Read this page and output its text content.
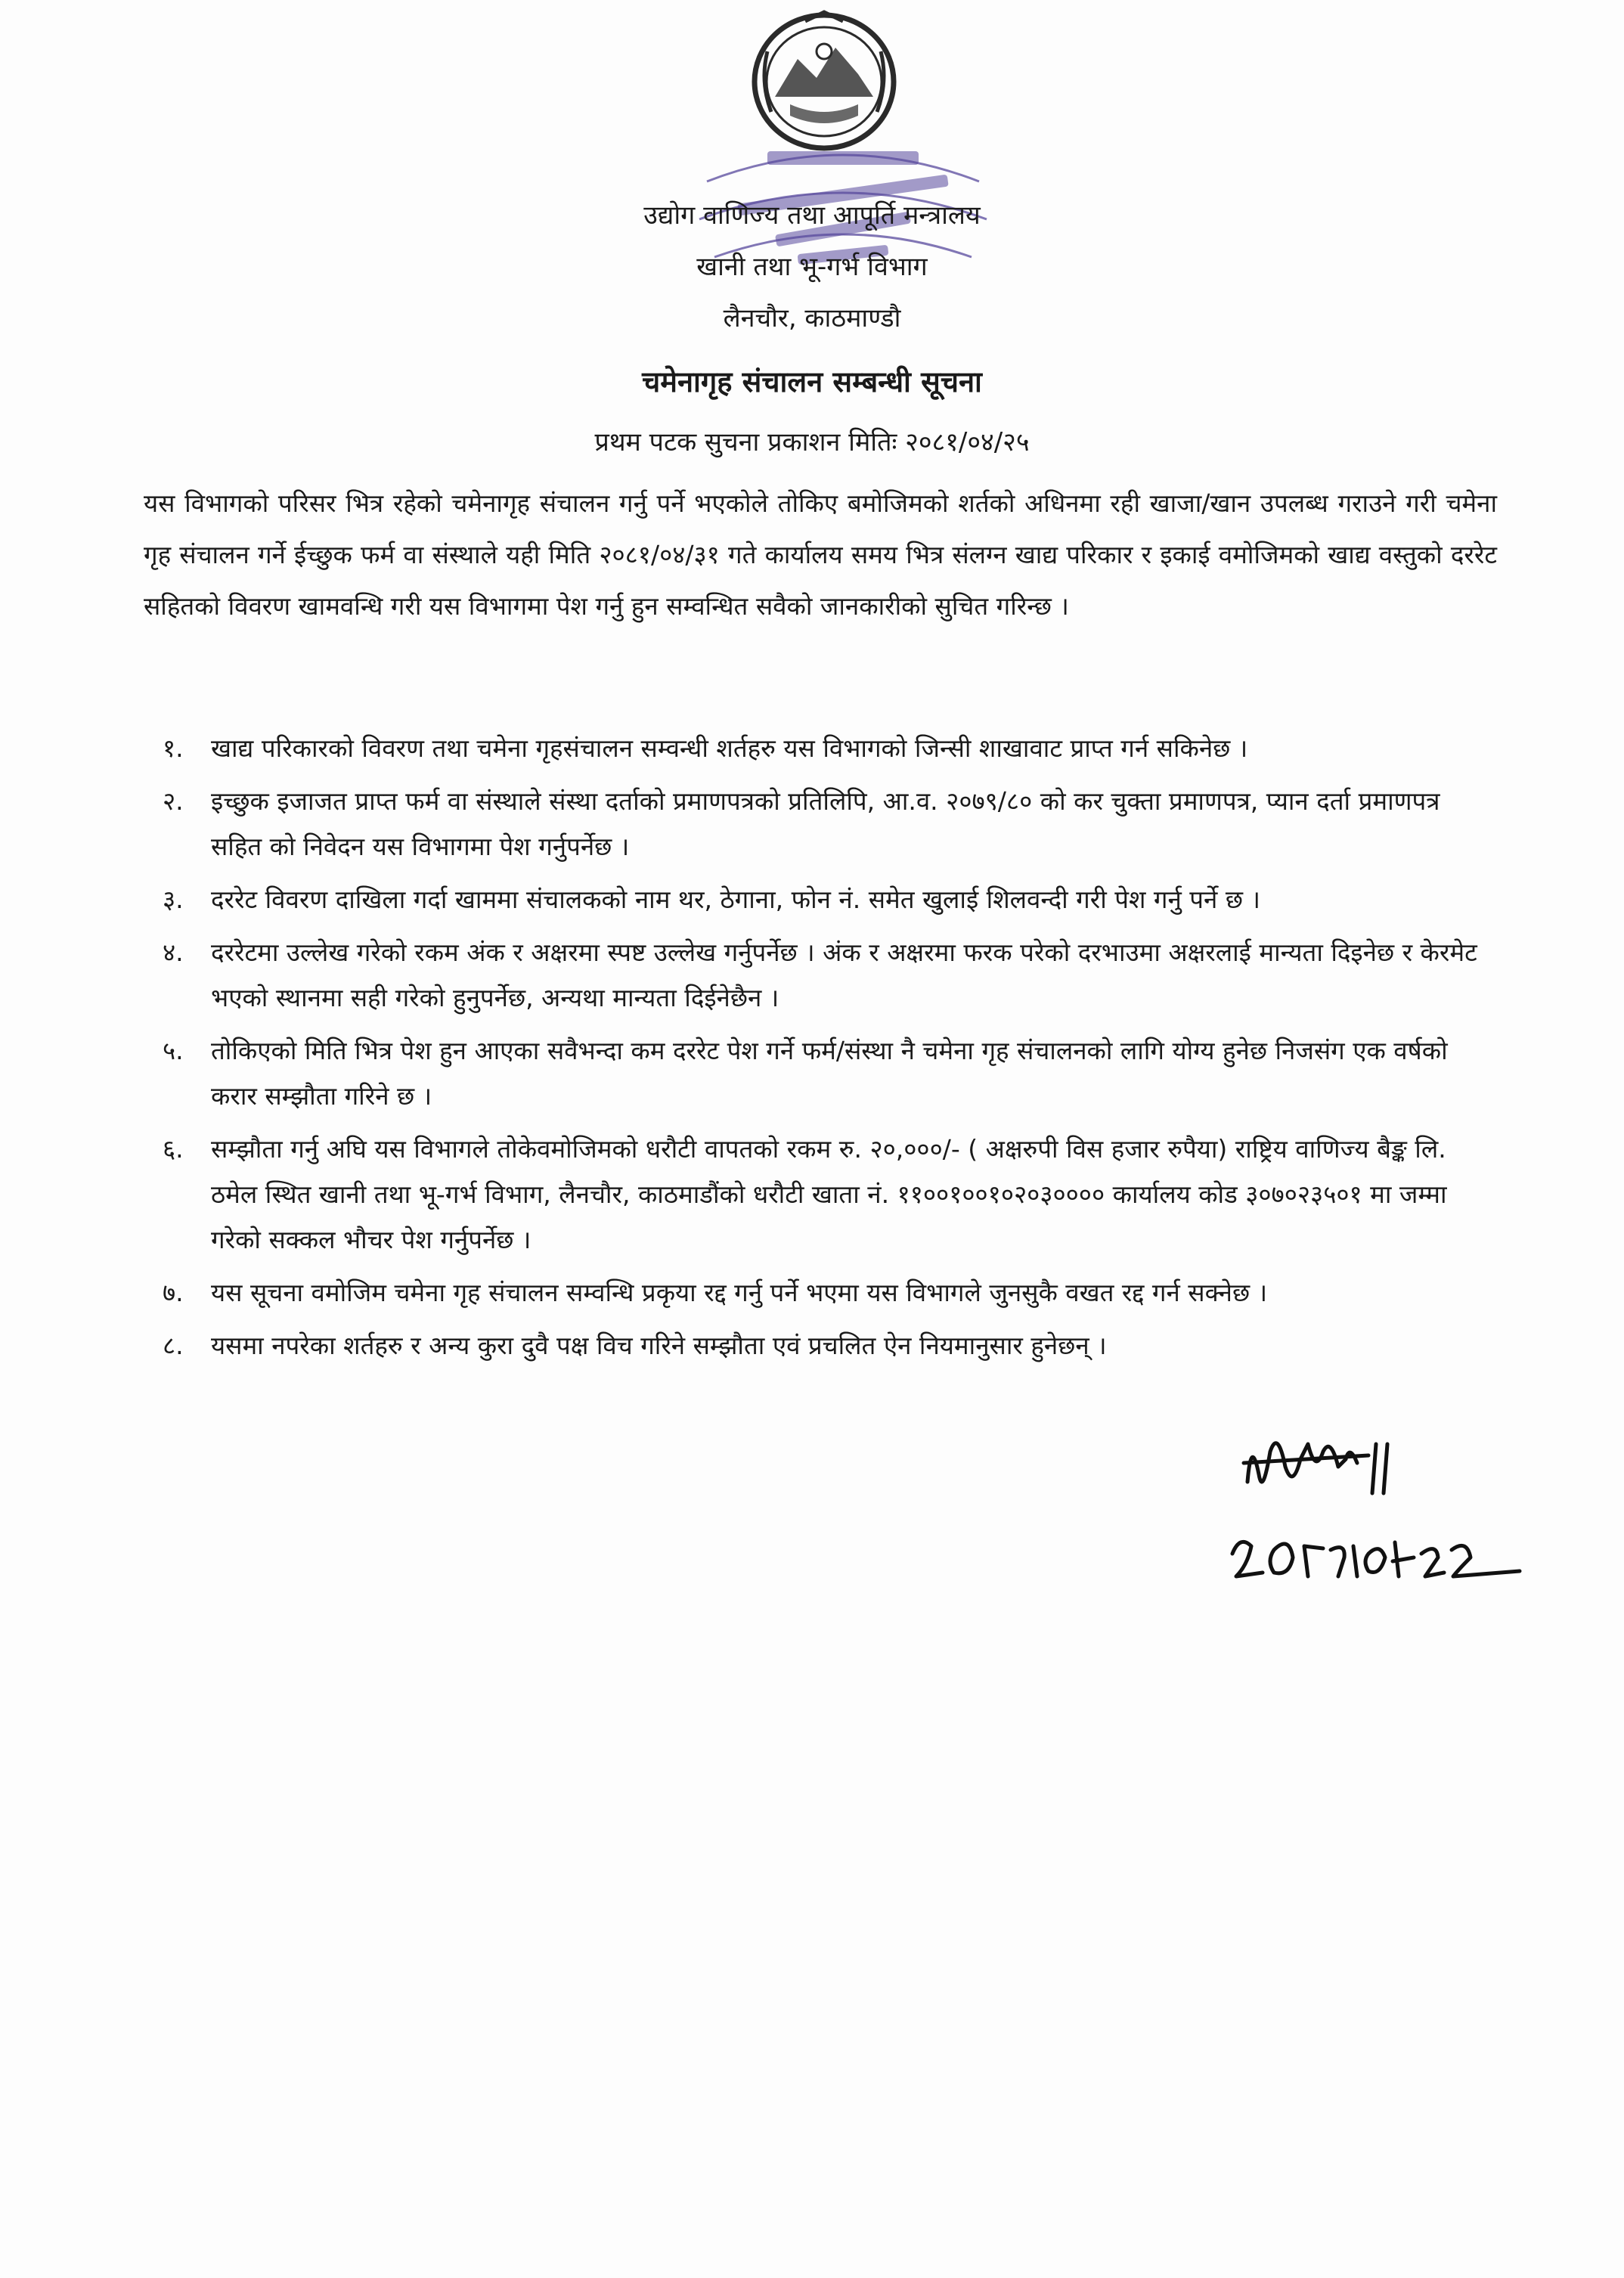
उद्योग वाणिज्य तथा आपूर्ति मन्त्रालय
खानी तथा भू-गर्भ विभाग
लैनचौर, काठमाण्डौ
चमेनागृह संचालन सम्बन्धी सूचना
प्रथम पटक सुचना प्रकाशन मितिः २०८१/०४/२५

यस विभागको परिसर भित्र रहेको चमेनागृह संचालन गर्नु पर्ने भएकोले तोकिए बमोजिमको शर्तको अधिनमा रही खाजा/खान उपलब्ध गराउने गरी चमेना गृह संचालन गर्ने ईच्छुक फर्म वा संस्थाले यही मिति २०८१/०४/३१ गते कार्यालय समय भित्र संलग्न खाद्य परिकार र इकाई वमोजिमको खाद्य वस्तुको दररेट सहितको विवरण खामवन्धि गरी यस विभागमा पेश गर्नु हुन सम्वन्धित सवैको जानकारीको सुचित गरिन्छ ।

१. खाद्य परिकारको विवरण तथा चमेना गृहसंचालन सम्वन्धी शर्तहरु यस विभागको जिन्सी शाखावाट प्राप्त गर्न सकिनेछ ।
२. इच्छुक इजाजत प्राप्त फर्म वा संस्थाले संस्था दर्ताको प्रमाणपत्रको प्रतिलिपि, आ.व. २०७९/८० को कर चुक्ता प्रमाणपत्र, प्यान दर्ता प्रमाणपत्र सहित को निवेदन यस विभागमा पेश गर्नुपर्नेछ ।
३. दररेट विवरण दाखिला गर्दा खाममा संचालकको नाम थर, ठेगाना, फोन नं. समेत खुलाई शिलवन्दी गरी पेश गर्नु पर्ने छ ।
४. दररेटमा उल्लेख गरेको रकम अंक र अक्षरमा स्पष्ट उल्लेख गर्नुपर्नेछ । अंक र अक्षरमा फरक परेको दरभाउमा अक्षरलाई मान्यता दिइनेछ र केरमेट भएको स्थानमा सही गरेको हुनुपर्नेछ, अन्यथा मान्यता दिईनेछैन ।
५. तोकिएको मिति भित्र पेश हुन आएका सवैभन्दा कम दररेट पेश गर्ने फर्म/संस्था नै चमेना गृह संचालनको लागि योग्य हुनेछ निजसंग एक वर्षको करार सम्झौता गरिने छ ।
६. सम्झौता गर्नु अघि यस विभागले तोकेवमोजिमको धरौटी वापतको रकम रु. २०,०००/- ( अक्षरुपी विस हजार रुपैया) राष्ट्रिय वाणिज्य बैङ्क लि. ठमेल स्थित खानी तथा भू-गर्भ विभाग, लैनचौर, काठमाडौंको धरौटी खाता नं. ११००१००१०२०३०००० कार्यालय कोड ३०७०२३५०१ मा जम्मा गरेको सक्कल भौचर पेश गर्नुपर्नेछ ।
७. यस सूचना वमोजिम चमेना गृह संचालन सम्वन्धि प्रकृया रद्द गर्नु पर्ने भएमा यस विभागले जुनसुकै वखत रद्द गर्न सक्नेछ ।
८. यसमा नपरेका शर्तहरु र अन्य कुरा दुवै पक्ष विच गरिने सम्झौता एवं प्रचलित ऐन नियमानुसार हुनेछन् ।
